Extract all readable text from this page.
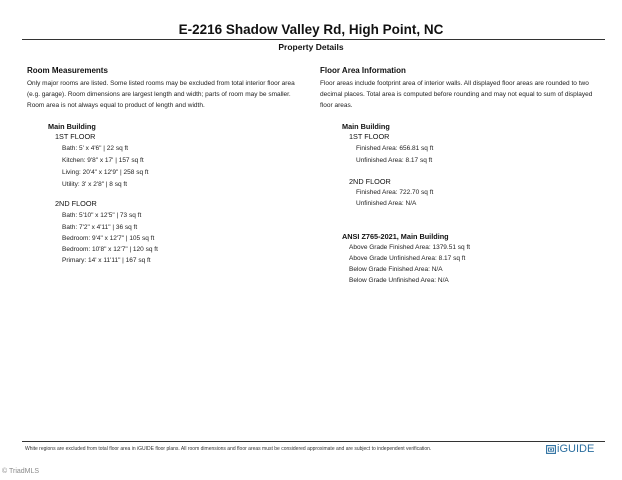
E-2216 Shadow Valley Rd, High Point, NC
Property Details
Room Measurements

Only major rooms are listed. Some listed rooms may be excluded from total interior floor area

(e.g. garage). Room dimensions are largest length and width; parts of room may be smaller.

Room area is not always equal to product of length and width.

Main Building
1ST FLOOR
Bath: 5' x 4'6" | 22 sq ft
Kitchen: 9'8" x 17' | 157 sq ft
Living: 20'4" x 12'9" | 258 sq ft
Utility: 3' x 2'8" | 8 sq ft
2ND FLOOR
Bath: 5'10" x 12'5" | 73 sq ft
Bath: 7'2" x 4'11" | 36 sq ft
Bedroom: 9'4" x 12'7" | 105 sq ft
Bedroom: 10'8" x 12'7" | 120 sq ft
Primary: 14' x 11'11" | 167 sq ft
Floor Area Information

Floor areas include footprint area of interior walls. All displayed floor areas are rounded to two

decimal places. Total area is computed before rounding and may not equal to sum of displayed

floor areas.

Main Building
1ST FLOOR
Finished Area: 656.81 sq ft
Unfinished Area: 8.17 sq ft
2ND FLOOR
Finished Area: 722.70 sq ft
Unfinished Area: N/A
ANSI Z765-2021, Main Building
Above Grade Finished Area: 1379.51 sq ft
Above Grade Unfinished Area: 8.17 sq ft
Below Grade Finished Area: N/A
Below Grade Unfinished Area: N/A
White regions are excluded from total floor area in iGUIDE floor plans. All room dimensions and floor areas must be considered approximate and are subject to independent verification.	iGUIDE
© TriadMLS
